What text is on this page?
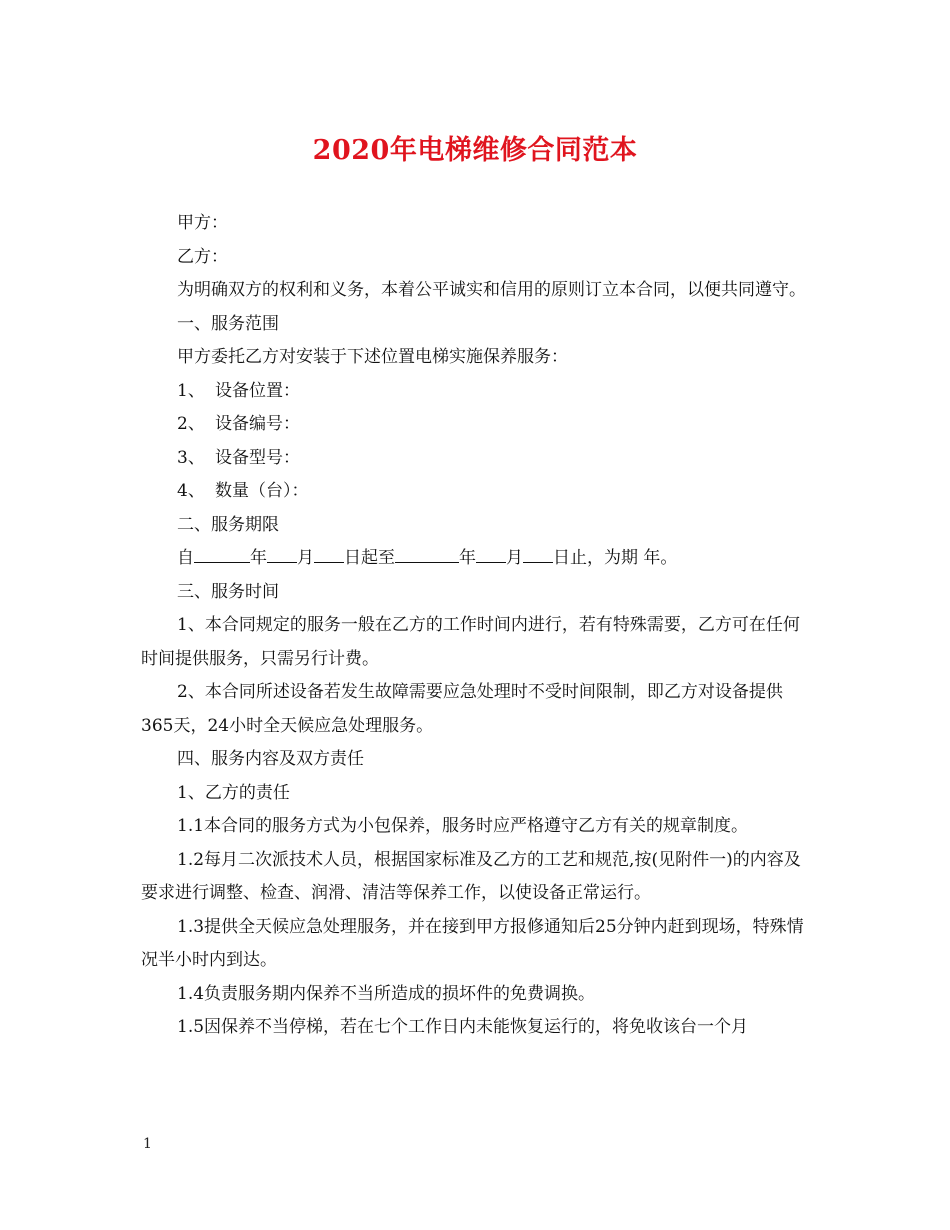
2020年电梯维修合同范本

甲方：

乙方：

为明确双方的权利和义务，本着公平诚实和信用的原则订立本合同，以便共同遵守。

一、服务范围

甲方委托乙方对安装于下述位置电梯实施保养服务：

1、 设备位置：

2、 设备编号：

3、 设备型号：

4、 数量（台）：

二、服务期限

自	年 月 日起至	年 月 日止，为期 年。

三、服务时间

1、本合同规定的服务一般在乙方的工作时间内进行，若有特殊需要，乙方可在任何时间提供服务，只需另行计费。

2、本合同所述设备若发生故障需要应急处理时不受时间限制，即乙方对设备提供365天，24小时全天候应急处理服务。

四、服务内容及双方责任

1、乙方的责任

1.1本合同的服务方式为小包保养，服务时应严格遵守乙方有关的规章制度。

1.2每月二次派技术人员，根据国家标准及乙方的工艺和规范,按(见附件一)的内容及要求进行调整、检查、润滑、清洁等保养工作，以使设备正常运行。

1.3提供全天候应急处理服务，并在接到甲方报修通知后25分钟内赶到现场，特殊情况半小时内到达。

1.4负责服务期内保养不当所造成的损坏件的免费调换。

1.5因保养不当停梯，若在七个工作日内未能恢复运行的，将免收该台一个月

1
